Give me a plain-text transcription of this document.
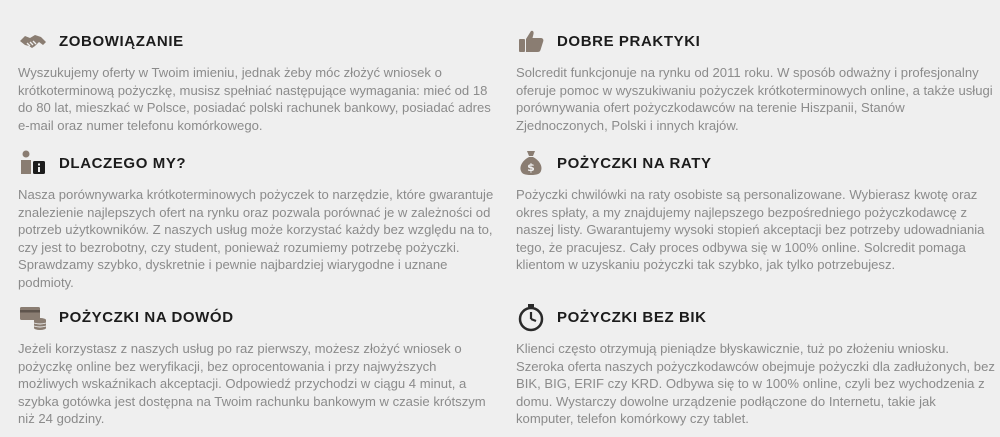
ZOBOWIĄZANIE
Wyszukujemy oferty w Twoim imieniu, jednak żeby móc złożyć wniosek o krótkoterminową pożyczkę, musisz spełniać następujące wymagania: mieć od 18 do 80 lat, mieszkać w Polsce, posiadać polski rachunek bankowy, posiadać adres e-mail oraz numer telefonu komórkowego.
DOBRE PRAKTYKI
Solcredit funkcjonuje na rynku od 2011 roku. W sposób odważny i profesjonalny oferuje pomoc w wyszukiwaniu pożyczek krótkoterminowych online, a także usługi porównywania ofert pożyczkodawców na terenie Hiszpanii, Stanów Zjednoczonych, Polski i innych krajów.
DLACZEGO MY?
Nasza porównywarka krótkoterminowych pożyczek to narzędzie, które gwarantuje znalezienie najlepszych ofert na rynku oraz pozwala porównać je w zależności od potrzeb użytkowników. Z naszych usług może korzystać każdy bez względu na to, czy jest to bezrobotny, czy student, ponieważ rozumiemy potrzebę pożyczki. Sprawdzamy szybko, dyskretnie i pewnie najbardziej wiarygodne i uznane podmioty.
$ POŻYCZKI NA RATY
Pożyczki chwilówki na raty osobiste są personalizowane. Wybierasz kwotę oraz okres spłaty, a my znajdujemy najlepszego bezpośredniego pożyczkodawcę z naszej listy. Gwarantujemy wysoki stopień akceptacji bez potrzeby udowadniania tego, że pracujesz. Cały proces odbywa się w 100% online. Solcredit pomaga klientom w uzyskaniu pożyczki tak szybko, jak tylko potrzebujesz.
POŻYCZKI NA DOWÓD
Jeżeli korzystasz z naszych usług po raz pierwszy, możesz złożyć wniosek o pożyczkę online bez weryfikacji, bez oprocentowania i przy najwyższych możliwych wskaźnikach akceptacji. Odpowiedź przychodzi w ciągu 4 minut, a szybka gotówka jest dostępna na Twoim rachunku bankowym w czasie krótszym niż 24 godziny.
POŻYCZKI BEZ BIK
Klienci często otrzymują pieniądze błyskawicznie, tuż po złożeniu wniosku. Szeroka oferta naszych pożyczkodawców obejmuje pożyczki dla zadłużonych, bez BIK, BIG, ERIF czy KRD. Odbywa się to w 100% online, czyli bez wychodzenia z domu. Wystarczy dowolne urządzenie podłączone do Internetu, takie jak komputer, telefon komórkowy czy tablet.
